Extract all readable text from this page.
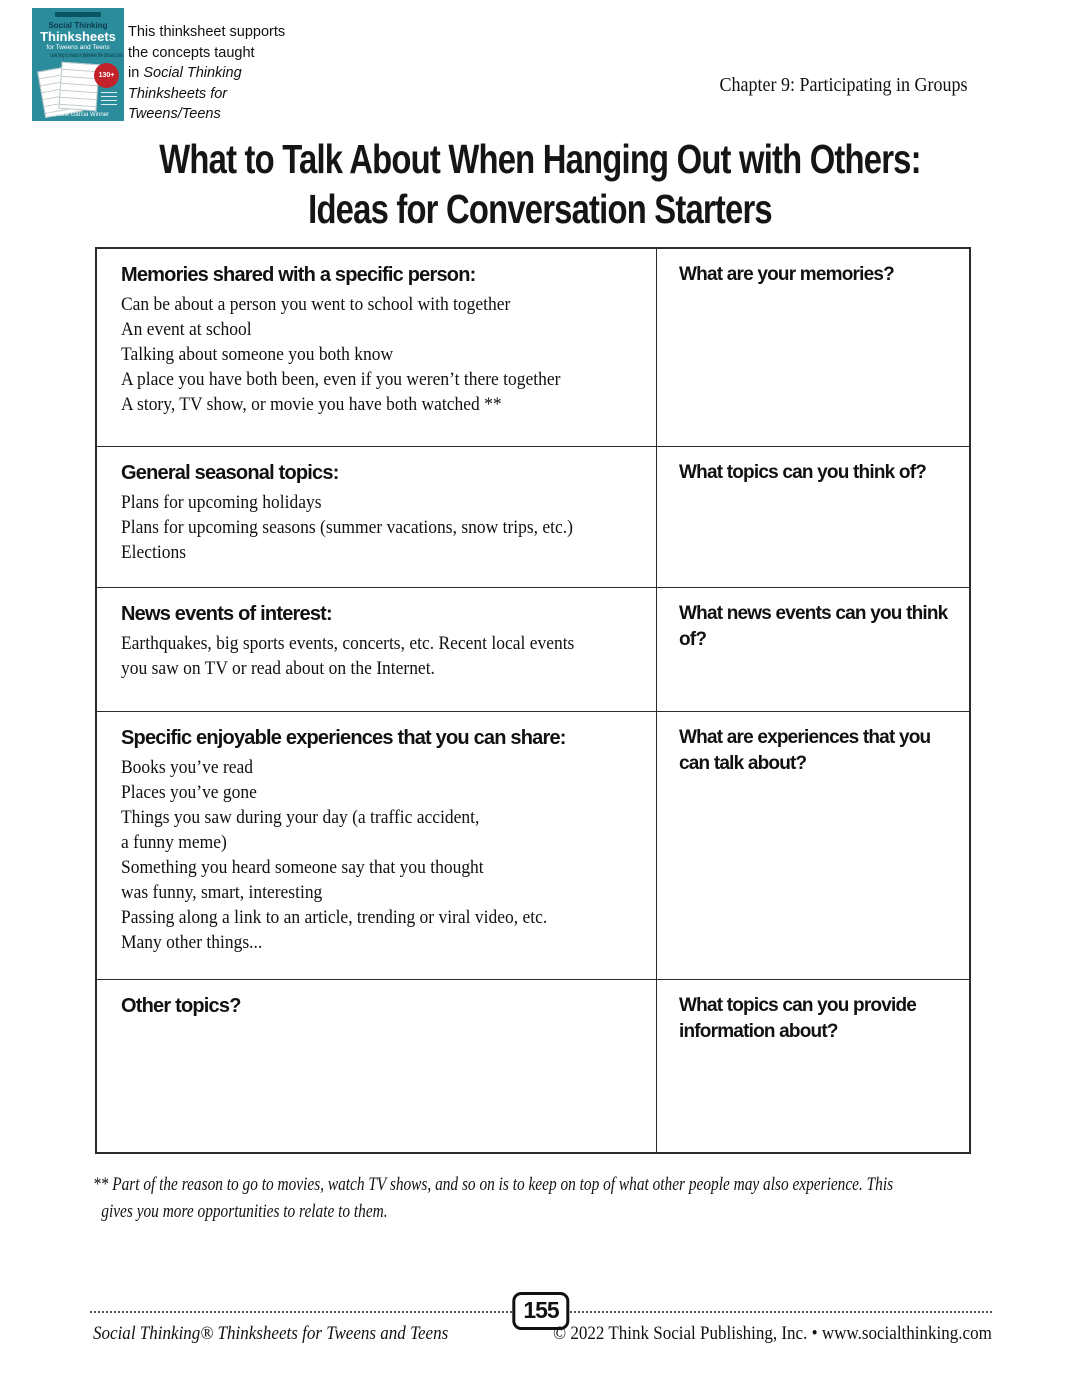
Social Thinking
Thinksheets
for Tweens and Teens
Learning to Read in Between the Social Lines
130+
Michelle Garcia Winner
This thinksheet supports
the concepts taught
in Social Thinking
Thinksheets for
Tweens/Teens
Chapter 9: Participating in Groups
What to Talk About When Hanging Out with Others:
Ideas for Conversation Starters
Memories shared with a specific person:
Can be about a person you went to school with together
An event at school
Talking about someone you both know
A place you have both been, even if you weren’t there together
A story, TV show, or movie you have both watched **
What are your memories?
General seasonal topics:
Plans for upcoming holidays
Plans for upcoming seasons (summer vacations, snow trips, etc.)
Elections
What topics can you think of?
News events of interest:
Earthquakes, big sports events, concerts, etc. Recent local events
you saw on TV or read about on the Internet.
What news events can you think of?
Specific enjoyable experiences that you can share:
Books you’ve read
Places you’ve gone
Things you saw during your day (a traffic accident,
a funny meme)
Something you heard someone say that you thought
was funny, smart, interesting
Passing along a link to an article, trending or viral video, etc.
Many other things...
What are experiences that you can talk about?
Other topics?	What topics can you provide information about?
** Part of the reason to go to movies, watch TV shows, and so on is to keep on top of what other people may also experience. This
gives you more opportunities to relate to them.
155
Social Thinking® Thinksheets for Tweens and Teens	© 2022 Think Social Publishing, Inc. • www.socialthinking.com
